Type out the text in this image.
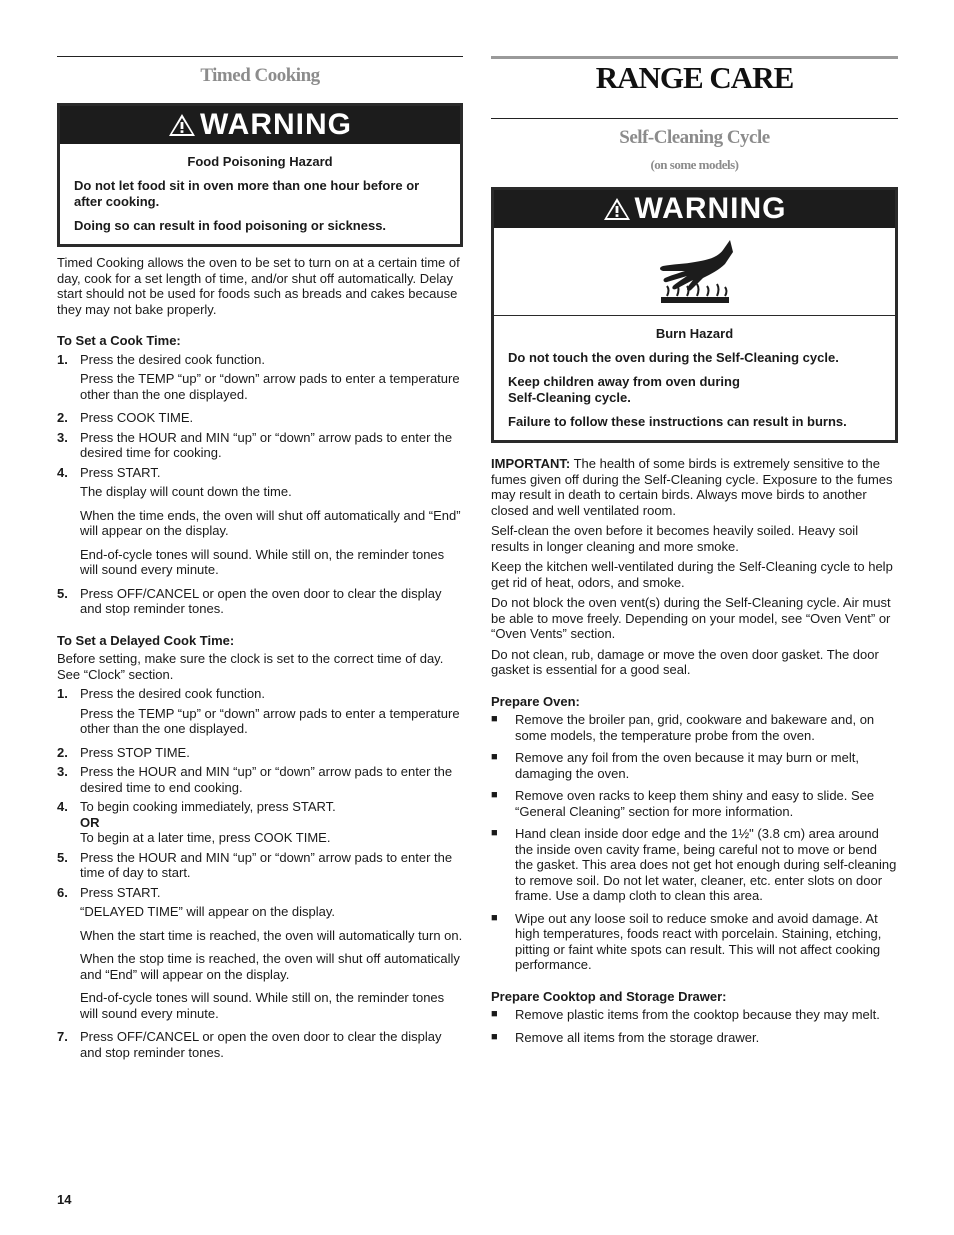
Timed Cooking
WARNING

Food Poisoning Hazard

Do not let food sit in oven more than one hour before or after cooking.

Doing so can result in food poisoning or sickness.

Timed Cooking allows the oven to be set to turn on at a certain time of day, cook for a set length of time, and/or shut off automatically. Delay start should not be used for foods such as breads and cakes because they may not bake properly.

To Set a Cook Time:
1. Press the desired cook function.
Press the TEMP “up” or “down” arrow pads to enter a temperature other than the one displayed.
2. Press COOK TIME.
3. Press the HOUR and MIN “up” or “down” arrow pads to enter the desired time for cooking.
4. Press START.
The display will count down the time.
When the time ends, the oven will shut off automatically and “End” will appear on the display.
End-of-cycle tones will sound. While still on, the reminder tones will sound every minute.
5. Press OFF/CANCEL or open the oven door to clear the display and stop reminder tones.
To Set a Delayed Cook Time:

Before setting, make sure the clock is set to the correct time of day. See “Clock” section.

1. Press the desired cook function.
Press the TEMP “up” or “down” arrow pads to enter a temperature other than the one displayed.
2. Press STOP TIME.
3. Press the HOUR and MIN “up” or “down” arrow pads to enter the desired time to end cooking.
4. To begin cooking immediately, press START.
OR
To begin at a later time, press COOK TIME.
5. Press the HOUR and MIN “up” or “down” arrow pads to enter the time of day to start.
6. Press START.
“DELAYED TIME” will appear on the display.
When the start time is reached, the oven will automatically turn on.
When the stop time is reached, the oven will shut off automatically and “End” will appear on the display.
End-of-cycle tones will sound. While still on, the reminder tones will sound every minute.
7. Press OFF/CANCEL or open the oven door to clear the display and stop reminder tones.
RANGE CARE
Self-Cleaning Cycle
(on some models)
WARNING

Burn Hazard

Do not touch the oven during the Self-Cleaning cycle.

Keep children away from oven during Self-Cleaning cycle.

Failure to follow these instructions can result in burns.

IMPORTANT: The health of some birds is extremely sensitive to the fumes given off during the Self-Cleaning cycle. Exposure to the fumes may result in death to certain birds. Always move birds to another closed and well ventilated room.

Self-clean the oven before it becomes heavily soiled. Heavy soil results in longer cleaning and more smoke.

Keep the kitchen well-ventilated during the Self-Cleaning cycle to help get rid of heat, odors, and smoke.

Do not block the oven vent(s) during the Self-Cleaning cycle. Air must be able to move freely. Depending on your model, see “Oven Vent” or “Oven Vents” section.

Do not clean, rub, damage or move the oven door gasket. The door gasket is essential for a good seal.

Prepare Oven:
■	Remove the broiler pan, grid, cookware and bakeware and, on some models, the temperature probe from the oven.
■	Remove any foil from the oven because it may burn or melt, damaging the oven.
■	Remove oven racks to keep them shiny and easy to slide. See “General Cleaning” section for more information.
■	Hand clean inside door edge and the 1½" (3.8 cm) area around the inside oven cavity frame, being careful not to move or bend the gasket. This area does not get hot enough during self-cleaning to remove soil. Do not let water, cleaner, etc. enter slots on door frame. Use a damp cloth to clean this area.
■	Wipe out any loose soil to reduce smoke and avoid damage. At high temperatures, foods react with porcelain. Staining, etching, pitting or faint white spots can result. This will not affect cooking performance.
Prepare Cooktop and Storage Drawer:
■	Remove plastic items from the cooktop because they may melt.
■	Remove all items from the storage drawer.
14
